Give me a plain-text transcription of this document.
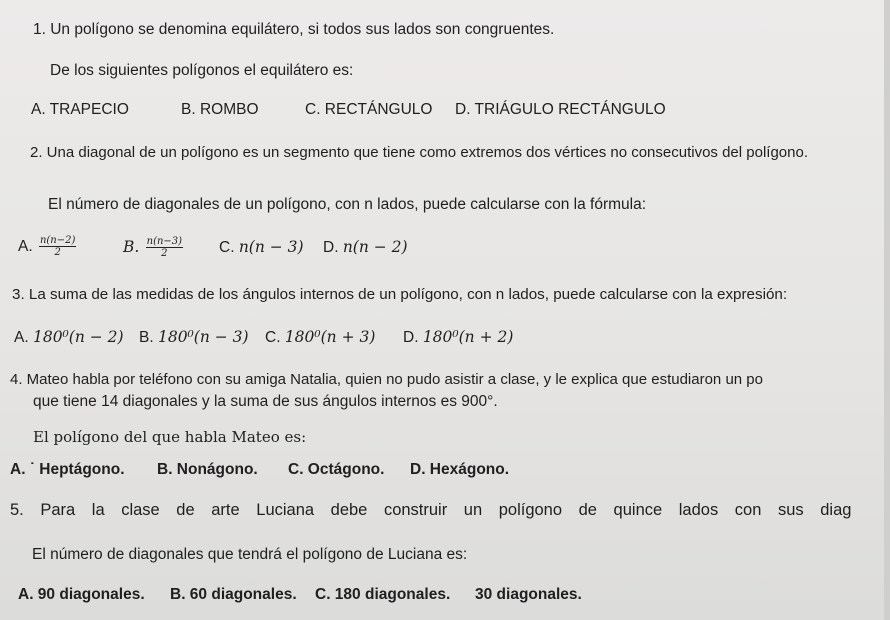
1. Un polígono se denomina equilátero, si todos sus lados son congruentes.
De los siguientes polígonos el equilátero es:
A. TRAPECIO	B. ROMBO	C. RECTÁNGULO D. TRIÁGULO RECTÁNGULO
2. Una diagonal de un polígono es un segmento que tiene como extremos dos vértices no consecutivos del polígono.
El número de diagonales de un polígono, con n lados, puede calcularse con la fórmula:
A. $\frac{n(n-2)}{2}$	B. $\frac{n(n-3)}{2} C$. n(n − 3) D. n(n − 2)
3. La suma de las medidas de los ángulos internos de un polígono, con n lados, puede calcularse con la expresión:
A. 180⁰(n − 2) B. 180⁰(n − 3) C. 180⁰(n + 3) D. 180⁰(n + 2)
4. Mateo habla por teléfono con su amiga Natalia, quien no pudo asistir a clase, y le explica que estudiaron un po
que tiene 14 diagonales y la suma de sus ángulos internos es 900°.
El polígono del que habla Mateo es:
A. ˙ Heptágono. B. Nonágono. C. Octágono. D. Hexágono.
5. Para la clase de arte Luciana debe construir un polígono de quince lados con sus diag
El número de diagonales que tendrá el polígono de Luciana es:
A. 90 diagonales. B. 60 diagonales. C. 180 diagonales. 30 diagonales.
